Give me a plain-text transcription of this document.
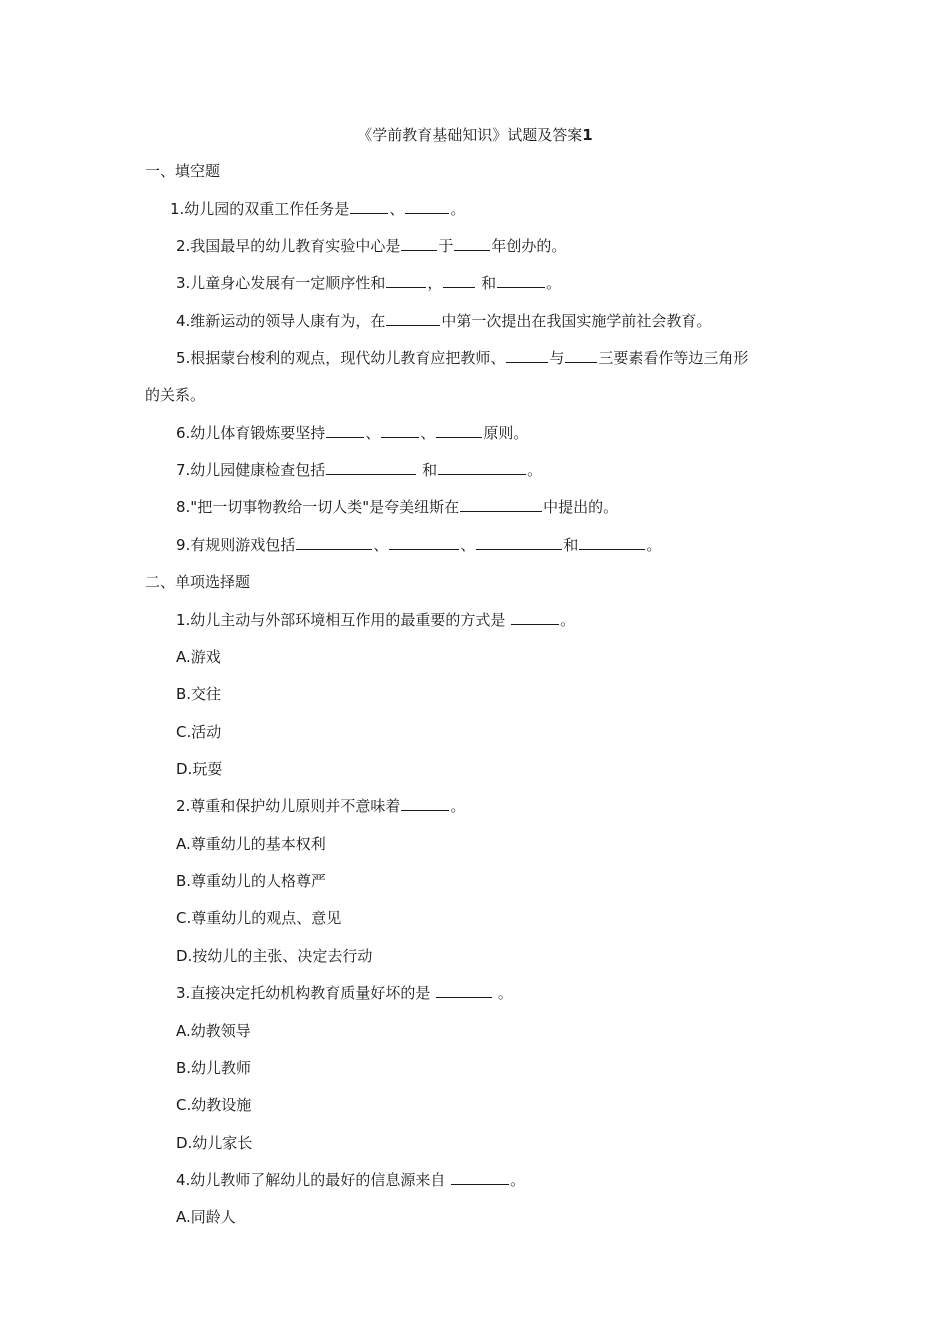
《学前教育基础知识》试题及答案1
一、填空题
1.幼儿园的双重工作任务是	、	。
2.我国最早的幼儿教育实验中心是	于	年创办的。
3.儿童身心发展有一定顺序性和	， 和	。
4.维新运动的领导人康有为，在	中第一次提出在我国实施学前社会教育。
5.根据蒙台梭利的观点，现代幼儿教育应把教师、	与 三要素看作等边三角形
的关系。
6.幼儿体育锻炼要坚持	、	、	原则。
7.幼儿园健康检查包括	和	。
8."把一切事物教给一切人类"是夸美纽斯在	中提出的。
9.有规则游戏包括	、	、	和	。
二、单项选择题
1.幼儿主动与外部环境相互作用的最重要的方式是	。
A.游戏
B.交往
C.活动
D.玩耍
2.尊重和保护幼儿原则并不意味着	。
A.尊重幼儿的基本权利
B.尊重幼儿的人格尊严
C.尊重幼儿的观点、意见
D.按幼儿的主张、决定去行动
3.直接决定托幼机构教育质量好坏的是	。
A.幼教领导
B.幼儿教师
C.幼教设施
D.幼儿家长
4.幼儿教师了解幼儿的最好的信息源来自	。
A.同龄人
